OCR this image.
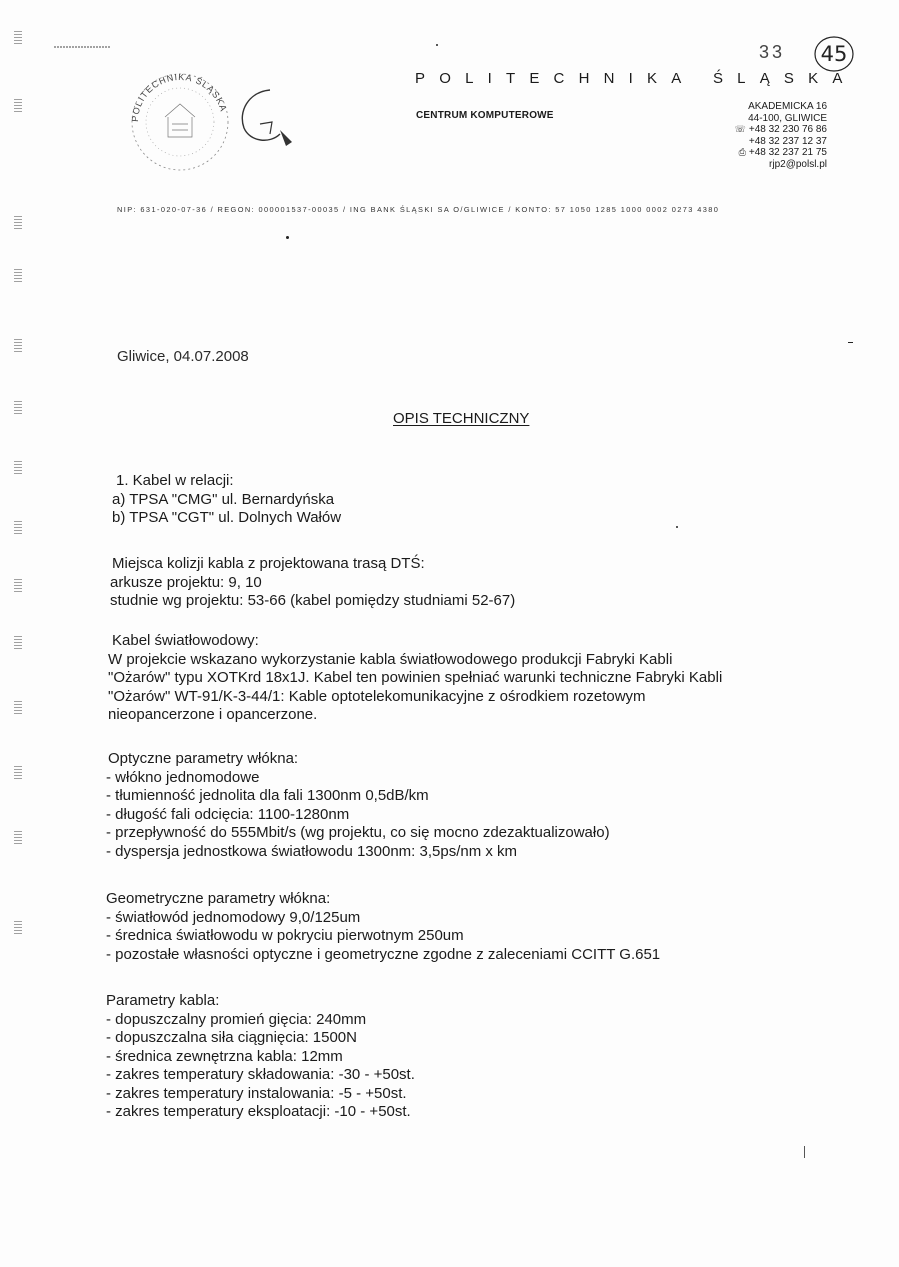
POLITECHNIKA ŚLĄSKA
POLITECHNIKA ŚLĄSKA
CENTRUM KOMPUTEROWE
AKADEMICKA 16
44-100, GLIWICE
☏ +48 32 230 76 86
+48 32 237 12 37
⎙ +48 32 237 21 75
rjp2@polsl.pl
33 45
NIP: 631-020-07-36 / REGON: 000001537-00035 / ING BANK ŚLĄSKI SA O/GLIWICE / KONTO: 57 1050 1285 1000 0002 0273 4380
Gliwice, 04.07.2008
OPIS TECHNICZNY

1. Kabel w relacji:

a) TPSA "CMG" ul. Bernardyńska

b) TPSA "CGT" ul. Dolnych Wałów

Miejsca kolizji kabla z projektowana trasą DTŚ:

arkusze projektu: 9, 10

studnie wg projektu: 53-66 (kabel pomiędzy studniami 52-67)

Kabel światłowodowy:

W projekcie wskazano wykorzystanie kabla światłowodowego produkcji Fabryki Kabli

"Ożarów" typu XOTKrd 18x1J. Kabel ten powinien spełniać warunki techniczne Fabryki Kabli

"Ożarów" WT-91/K-3-44/1: Kable optotelekomunikacyjne z ośrodkiem rozetowym

nieopancerzone i opancerzone.

Optyczne parametry włókna:

- włókno jednomodowe

- tłumienność jednolita dla fali 1300nm 0,5dB/km

- długość fali odcięcia: 1100-1280nm

- przepływność do 555Mbit/s (wg projektu, co się mocno zdezaktualizowało)

- dyspersja jednostkowa światłowodu 1300nm: 3,5ps/nm x km

Geometryczne parametry włókna:

- światłowód jednomodowy 9,0/125um

- średnica światłowodu w pokryciu pierwotnym 250um

- pozostałe własności optyczne i geometryczne zgodne z zaleceniami CCITT G.651

Parametry kabla:

- dopuszczalny promień gięcia: 240mm

- dopuszczalna siła ciągnięcia: 1500N

- średnica zewnętrzna kabla: 12mm

- zakres temperatury składowania: -30 - +50st.

- zakres temperatury instalowania: -5 - +50st.

- zakres temperatury eksploatacji: -10 - +50st.
